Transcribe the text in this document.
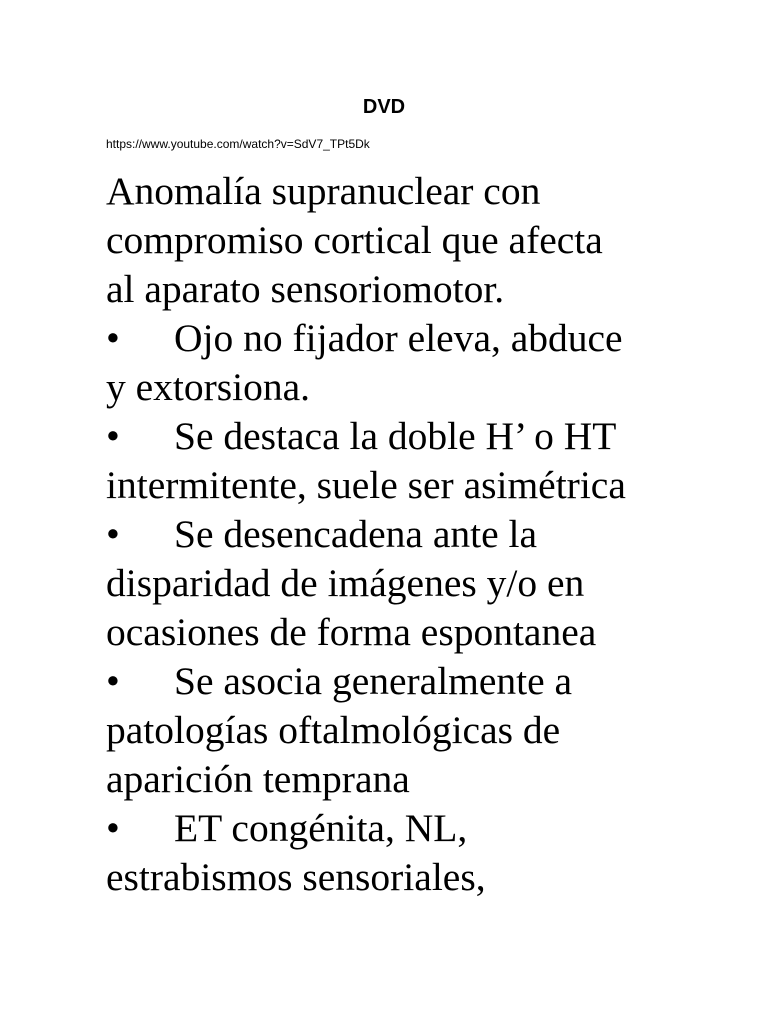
DVD
https://www.youtube.com/watch?v=SdV7_TPt5Dk
Anomalía supranuclear con
compromiso cortical que afecta
al aparato sensoriomotor.
• Ojo no fijador eleva, abduce
y extorsiona.
• Se destaca la doble H’ o HT
intermitente, suele ser asimétrica
• Se desencadena ante la
disparidad de imágenes y/o en
ocasiones de forma espontanea
• Se asocia generalmente a
patologías oftalmológicas de
aparición temprana
• ET congénita, NL,
estrabismos sensoriales,
